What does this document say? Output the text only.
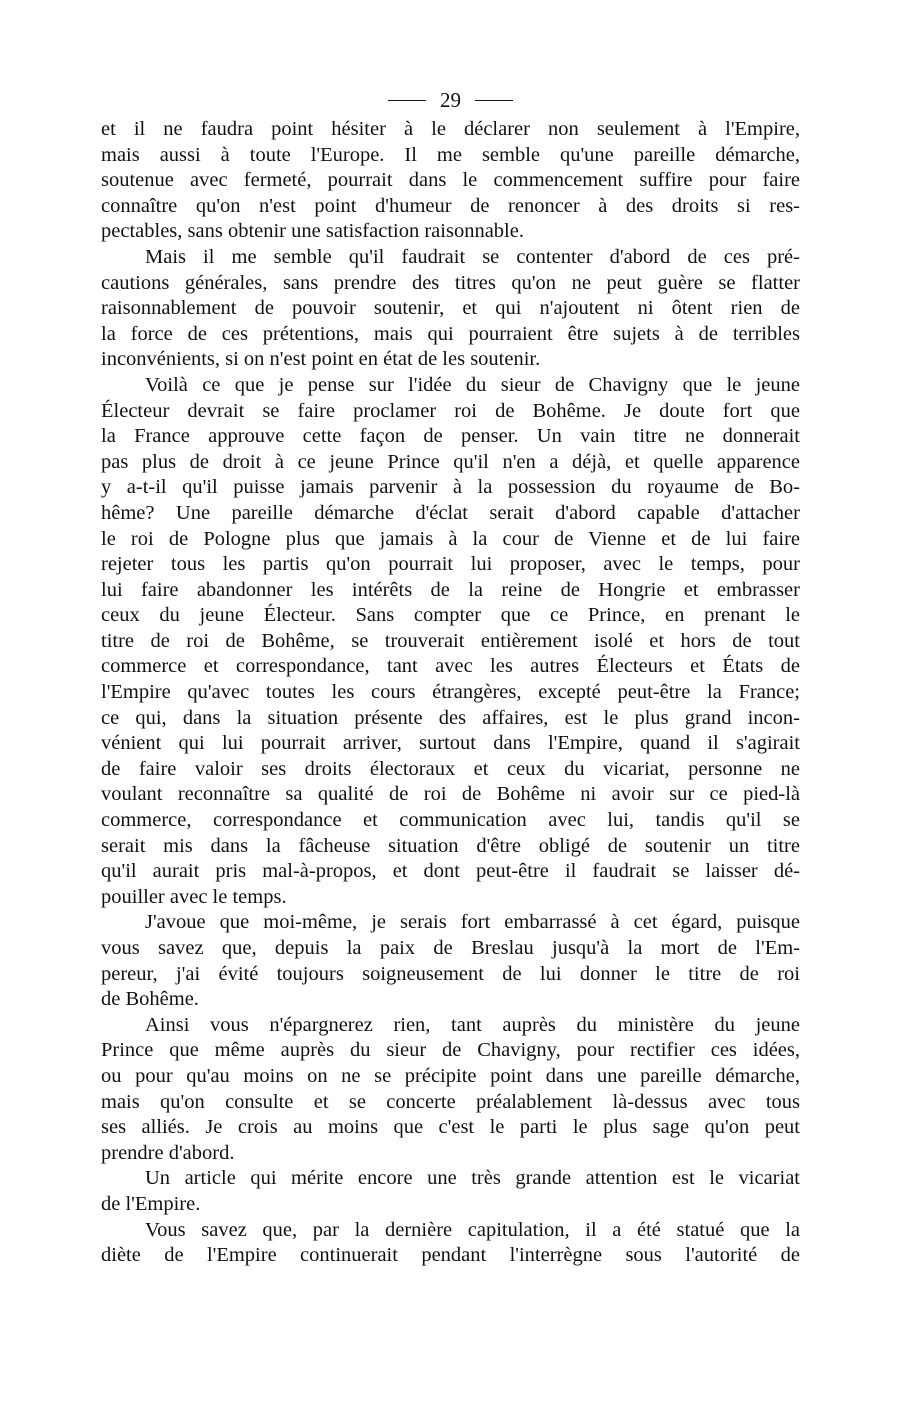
29

et il ne faudra point hésiter à le déclarer non seulement à l'Empire,
mais aussi à toute l'Europe. Il me semble qu'une pareille démarche,
soutenue avec fermeté, pourrait dans le commencement suffire pour faire
connaître qu'on n'est point d'humeur de renoncer à des droits si res-
pectables, sans obtenir une satisfaction raisonnable.

Mais il me semble qu'il faudrait se contenter d'abord de ces pré-
cautions générales, sans prendre des titres qu'on ne peut guère se flatter
raisonnablement de pouvoir soutenir, et qui n'ajoutent ni ôtent rien de
la force de ces prétentions, mais qui pourraient être sujets à de terribles
inconvénients, si on n'est point en état de les soutenir.

Voilà ce que je pense sur l'idée du sieur de Chavigny que le jeune
Électeur devrait se faire proclamer roi de Bohême. Je doute fort que
la France approuve cette façon de penser. Un vain titre ne donnerait
pas plus de droit à ce jeune Prince qu'il n'en a déjà, et quelle apparence
y a-t-il qu'il puisse jamais parvenir à la possession du royaume de Bo-
hême? Une pareille démarche d'éclat serait d'abord capable d'attacher
le roi de Pologne plus que jamais à la cour de Vienne et de lui faire
rejeter tous les partis qu'on pourrait lui proposer, avec le temps, pour
lui faire abandonner les intérêts de la reine de Hongrie et embrasser
ceux du jeune Électeur. Sans compter que ce Prince, en prenant le
titre de roi de Bohême, se trouverait entièrement isolé et hors de tout
commerce et correspondance, tant avec les autres Électeurs et États de
l'Empire qu'avec toutes les cours étrangères, excepté peut-être la France;
ce qui, dans la situation présente des affaires, est le plus grand incon-
vénient qui lui pourrait arriver, surtout dans l'Empire, quand il s'agirait
de faire valoir ses droits électoraux et ceux du vicariat, personne ne
voulant reconnaître sa qualité de roi de Bohême ni avoir sur ce pied-là
commerce, correspondance et communication avec lui, tandis qu'il se
serait mis dans la fâcheuse situation d'être obligé de soutenir un titre
qu'il aurait pris mal-à-propos, et dont peut-être il faudrait se laisser dé-
pouiller avec le temps.

J'avoue que moi-même, je serais fort embarrassé à cet égard, puisque
vous savez que, depuis la paix de Breslau jusqu'à la mort de l'Em-
pereur, j'ai évité toujours soigneusement de lui donner le titre de roi
de Bohême.

Ainsi vous n'épargnerez rien, tant auprès du ministère du jeune
Prince que même auprès du sieur de Chavigny, pour rectifier ces idées,
ou pour qu'au moins on ne se précipite point dans une pareille démarche,
mais qu'on consulte et se concerte préalablement là-dessus avec tous
ses alliés. Je crois au moins que c'est le parti le plus sage qu'on peut
prendre d'abord.

Un article qui mérite encore une très grande attention est le vicariat
de l'Empire.

Vous savez que, par la dernière capitulation, il a été statué que la
diète de l'Empire continuerait pendant l'interrègne sous l'autorité de
